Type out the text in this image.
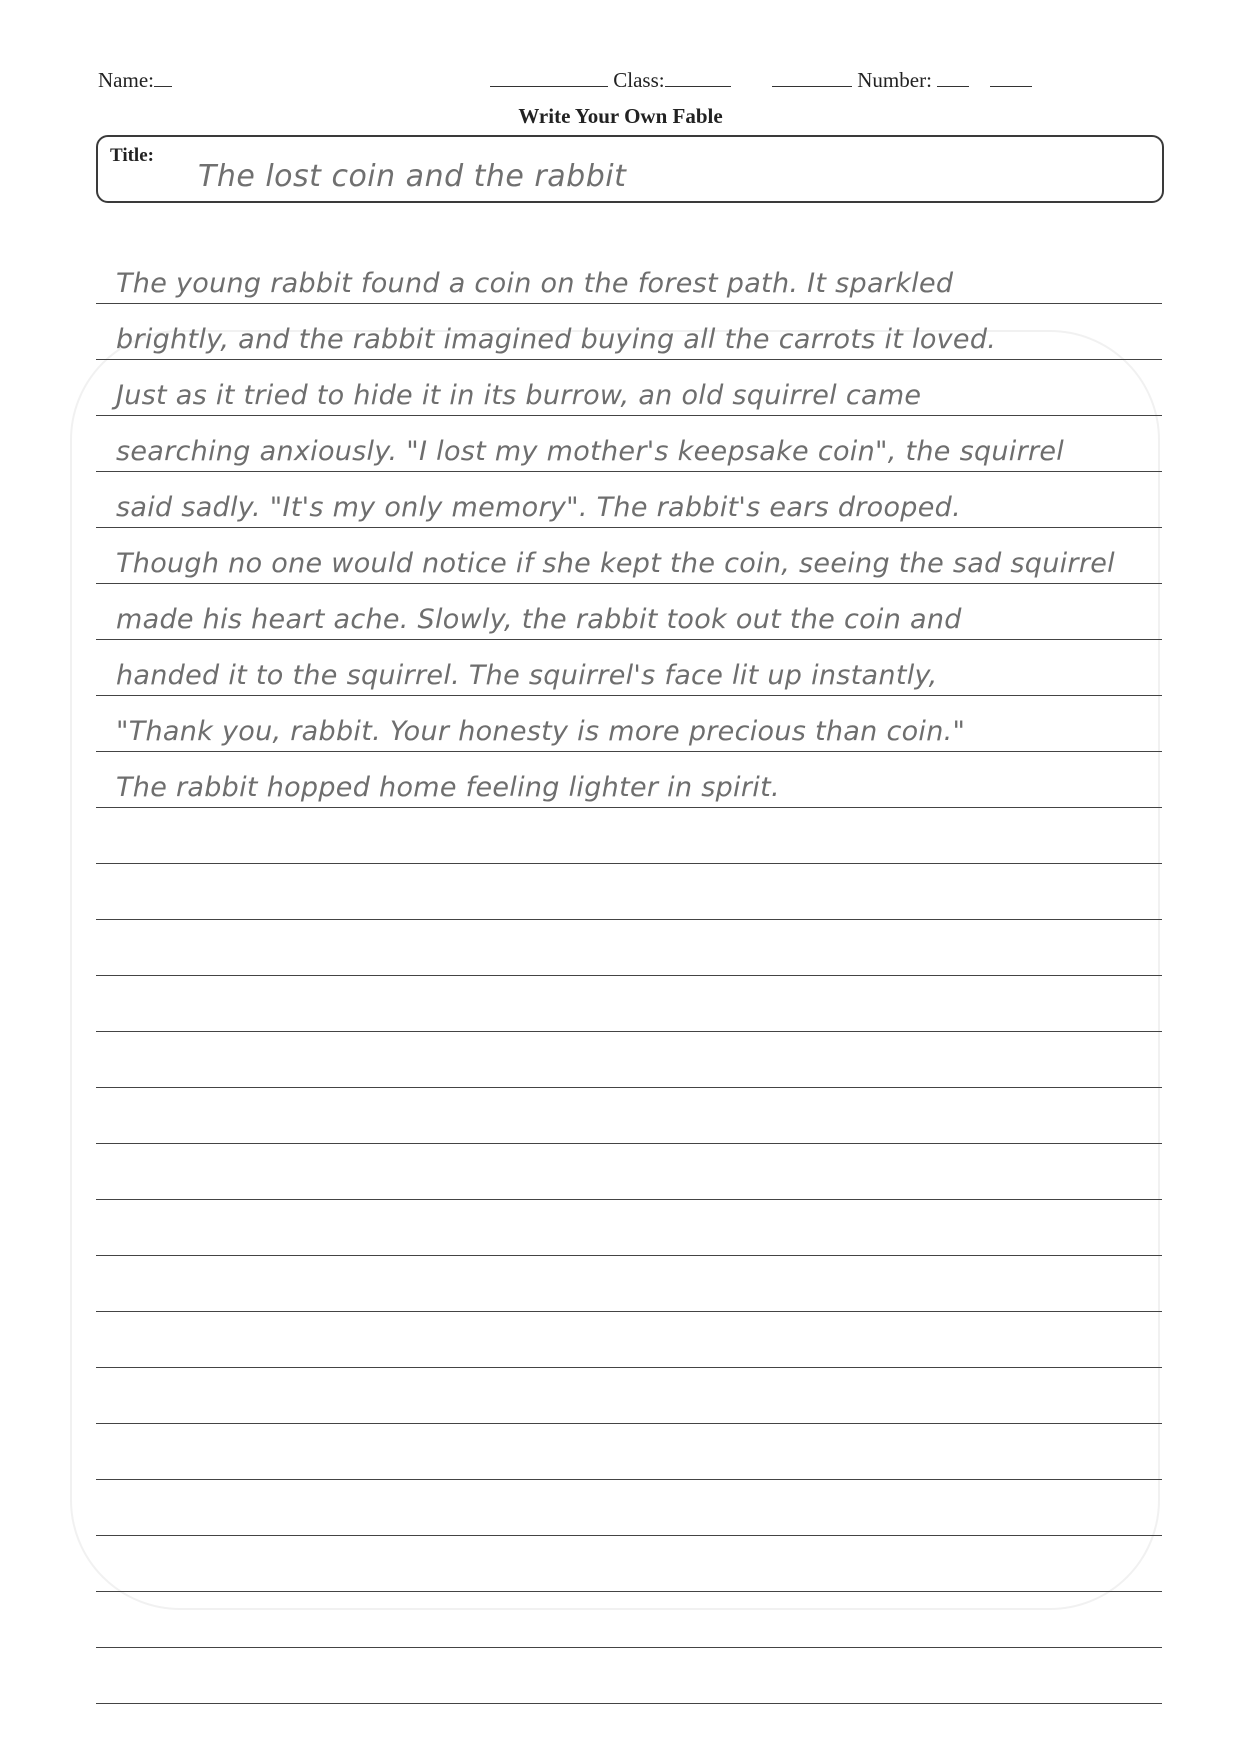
Name:	Class:	Number:
Write Your Own Fable
Title:
The lost coin and the rabbit
The young rabbit found a coin on the forest path. It sparkled
brightly, and the rabbit imagined buying all the carrots it loved.
Just as it tried to hide it in its burrow, an old squirrel came
searching anxiously. "I lost my mother's keepsake coin", the squirrel
said sadly. "It's my only memory". The rabbit's ears drooped.
Though no one would notice if she kept the coin, seeing the sad squirrel
made his heart ache. Slowly, the rabbit took out the coin and
handed it to the squirrel. The squirrel's face lit up instantly,
"Thank you, rabbit. Your honesty is more precious than coin."
The rabbit hopped home feeling lighter in spirit.
